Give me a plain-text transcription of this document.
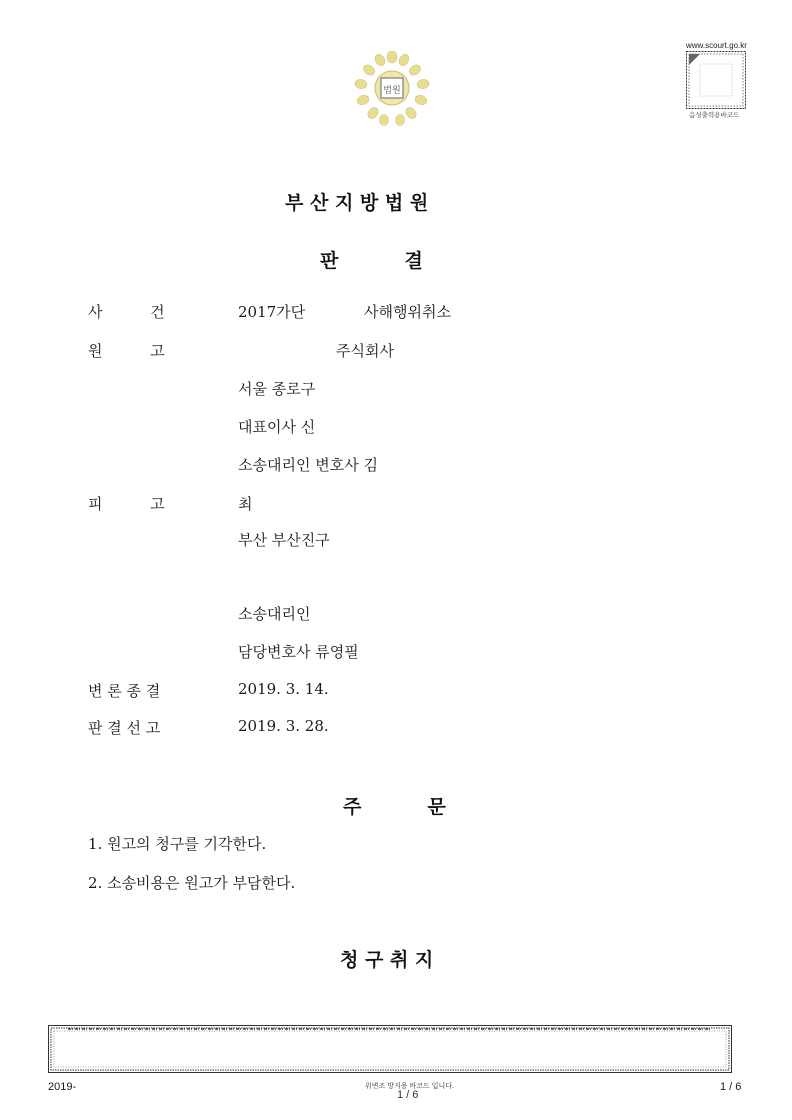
법원
www.scourt.go.kr
음성출력용바코드
부 산 지 방 법 원
판          결
사          건	2017가단	사해행위취소
원          고	주식회사
서울 종로구
대표이사 신
소송대리인 변호사 김
피          고	최
부산 부산진구
소송대리인
담당변호사 류영필
변 론 종 결	2019. 3. 14.
판 결 선 고	2019. 3. 28.
주          문
1. 원고의 청구를 기각한다.
2. 소송비용은 원고가 부담한다.
청 구 취 지
2019-	위변조 방지용 바코드 입니다.
1 / 6
1 / 6
